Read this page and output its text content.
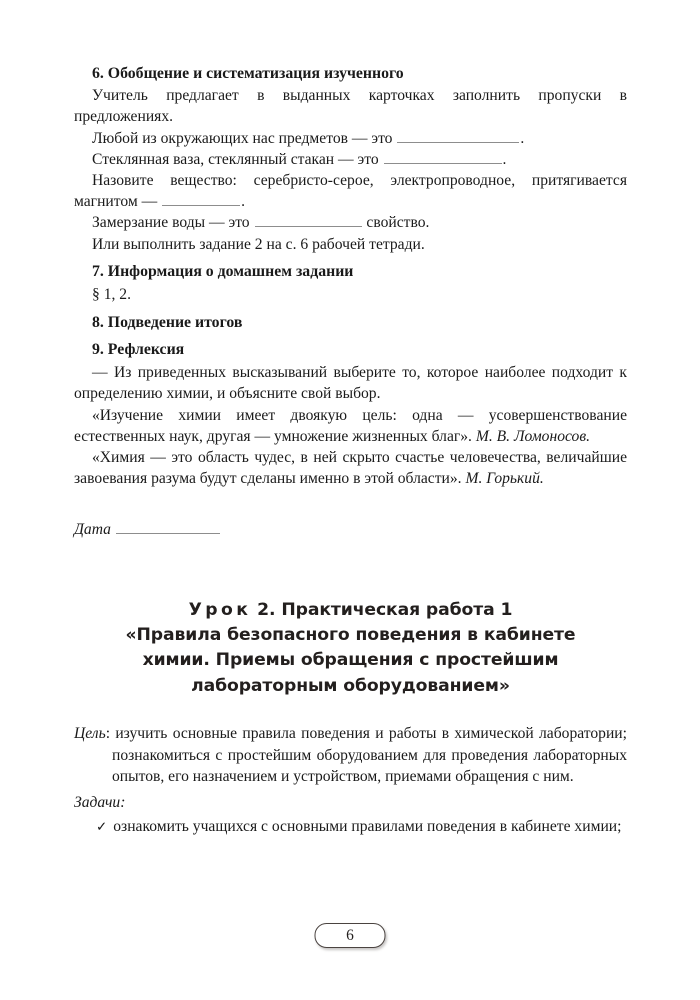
6. Обобщение и систематизация изученного

Учитель предлагает в выданных карточках заполнить пропуски в предложениях.

Любой из окружающих нас предметов — это	.

Стеклянная ваза, стеклянный стакан — это	.

Назовите вещество: серебристо-серое, электропроводное, притягивается магнитом —	.

Замерзание воды — это	свойство.

Или выполнить задание 2 на с. 6 рабочей тетради.

7. Информация о домашнем задании

§ 1, 2.

8. Подведение итогов

9. Рефлексия

— Из приведенных высказываний выберите то, которое наиболее подходит к определению химии, и объясните свой выбор.

«Изучение химии имеет двоякую цель: одна — усовершенствование естественных наук, другая — умножение жизненных благ». М. В. Ломоносов.

«Химия — это область чудес, в ней скрыто счастье человечества, величайшие завоевания разума будут сделаны именно в этой области». М. Горький.

Дата

Урок 2. Практическая работа 1
«Правила безопасного поведения в кабинете
химии. Приемы обращения с простейшим
лабораторным оборудованием»

Цель: изучить основные правила поведения и работы в химической лаборатории; познакомиться с простейшим оборудованием для проведения лабораторных опытов, его назначением и устройством, приемами обращения с ним.

Задачи:

✓ ознакомить учащихся с основными правилами поведения в кабинете химии;

6
